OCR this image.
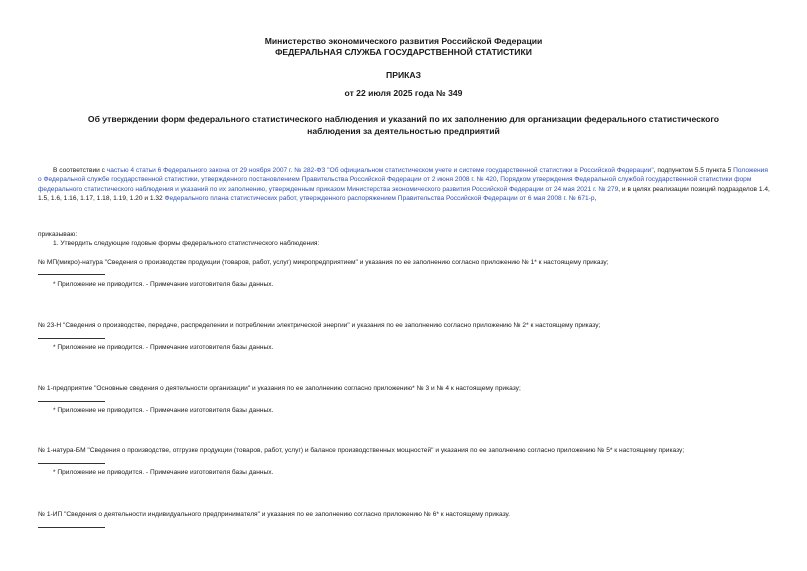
Министерство экономического развития Российской Федерации
ФЕДЕРАЛЬНАЯ СЛУЖБА ГОСУДАРСТВЕННОЙ СТАТИСТИКИ
ПРИКАЗ
от 22 июля 2025 года № 349
Об утверждении форм федерального статистического наблюдения и указаний по их заполнению для организации федерального статистического наблюдения за деятельностью предприятий
В соответствии с частью 4 статьи 6 Федерального закона от 29 ноября 2007 г. № 282-ФЗ "Об официальном статистическом учете и системе государственной статистики в Российской Федерации", подпунктом 5.5 пункта 5 Положения о Федеральной службе государственной статистики, утвержденного постановлением Правительства Российской Федерации от 2 июня 2008 г. № 420, Порядком утверждения Федеральной службой государственной статистики форм федерального статистического наблюдения и указаний по их заполнению, утвержденным приказом Министерства экономического развития Российской Федерации от 24 мая 2021 г. № 279, и в целях реализации позиций подразделов 1.4, 1.5, 1.6, 1.16, 1.17, 1.18, 1.19, 1.20 и 1.32 Федерального плана статистических работ, утвержденного распоряжением Правительства Российской Федерации от 6 мая 2008 г. № 671-р,
приказываю:
1. Утвердить следующие годовые формы федерального статистического наблюдения:
№ МП(микро)-натура "Сведения о производстве продукции (товаров, работ, услуг) микропредприятием" и указания по ее заполнению согласно приложению № 1* к настоящему приказу;
* Приложение не приводится. - Примечание изготовителя базы данных.
№ 23-Н "Сведения о производстве, передаче, распределении и потреблении электрической энергии" и указания по ее заполнению согласно приложению № 2* к настоящему приказу;
* Приложение не приводится. - Примечание изготовителя базы данных.
№ 1-предприятие "Основные сведения о деятельности организации" и указания по ее заполнению согласно приложению* № 3 и № 4 к настоящему приказу;
* Приложение не приводится. - Примечание изготовителя базы данных.
№ 1-натура-БМ "Сведения о производстве, отгрузке продукции (товаров, работ, услуг) и балансе производственных мощностей" и указания по ее заполнению согласно приложению № 5* к настоящему приказу;
* Приложение не приводится. - Примечание изготовителя базы данных.
№ 1-ИП "Сведения о деятельности индивидуального предпринимателя" и указания по ее заполнению согласно приложению № 6* к настоящему приказу.
